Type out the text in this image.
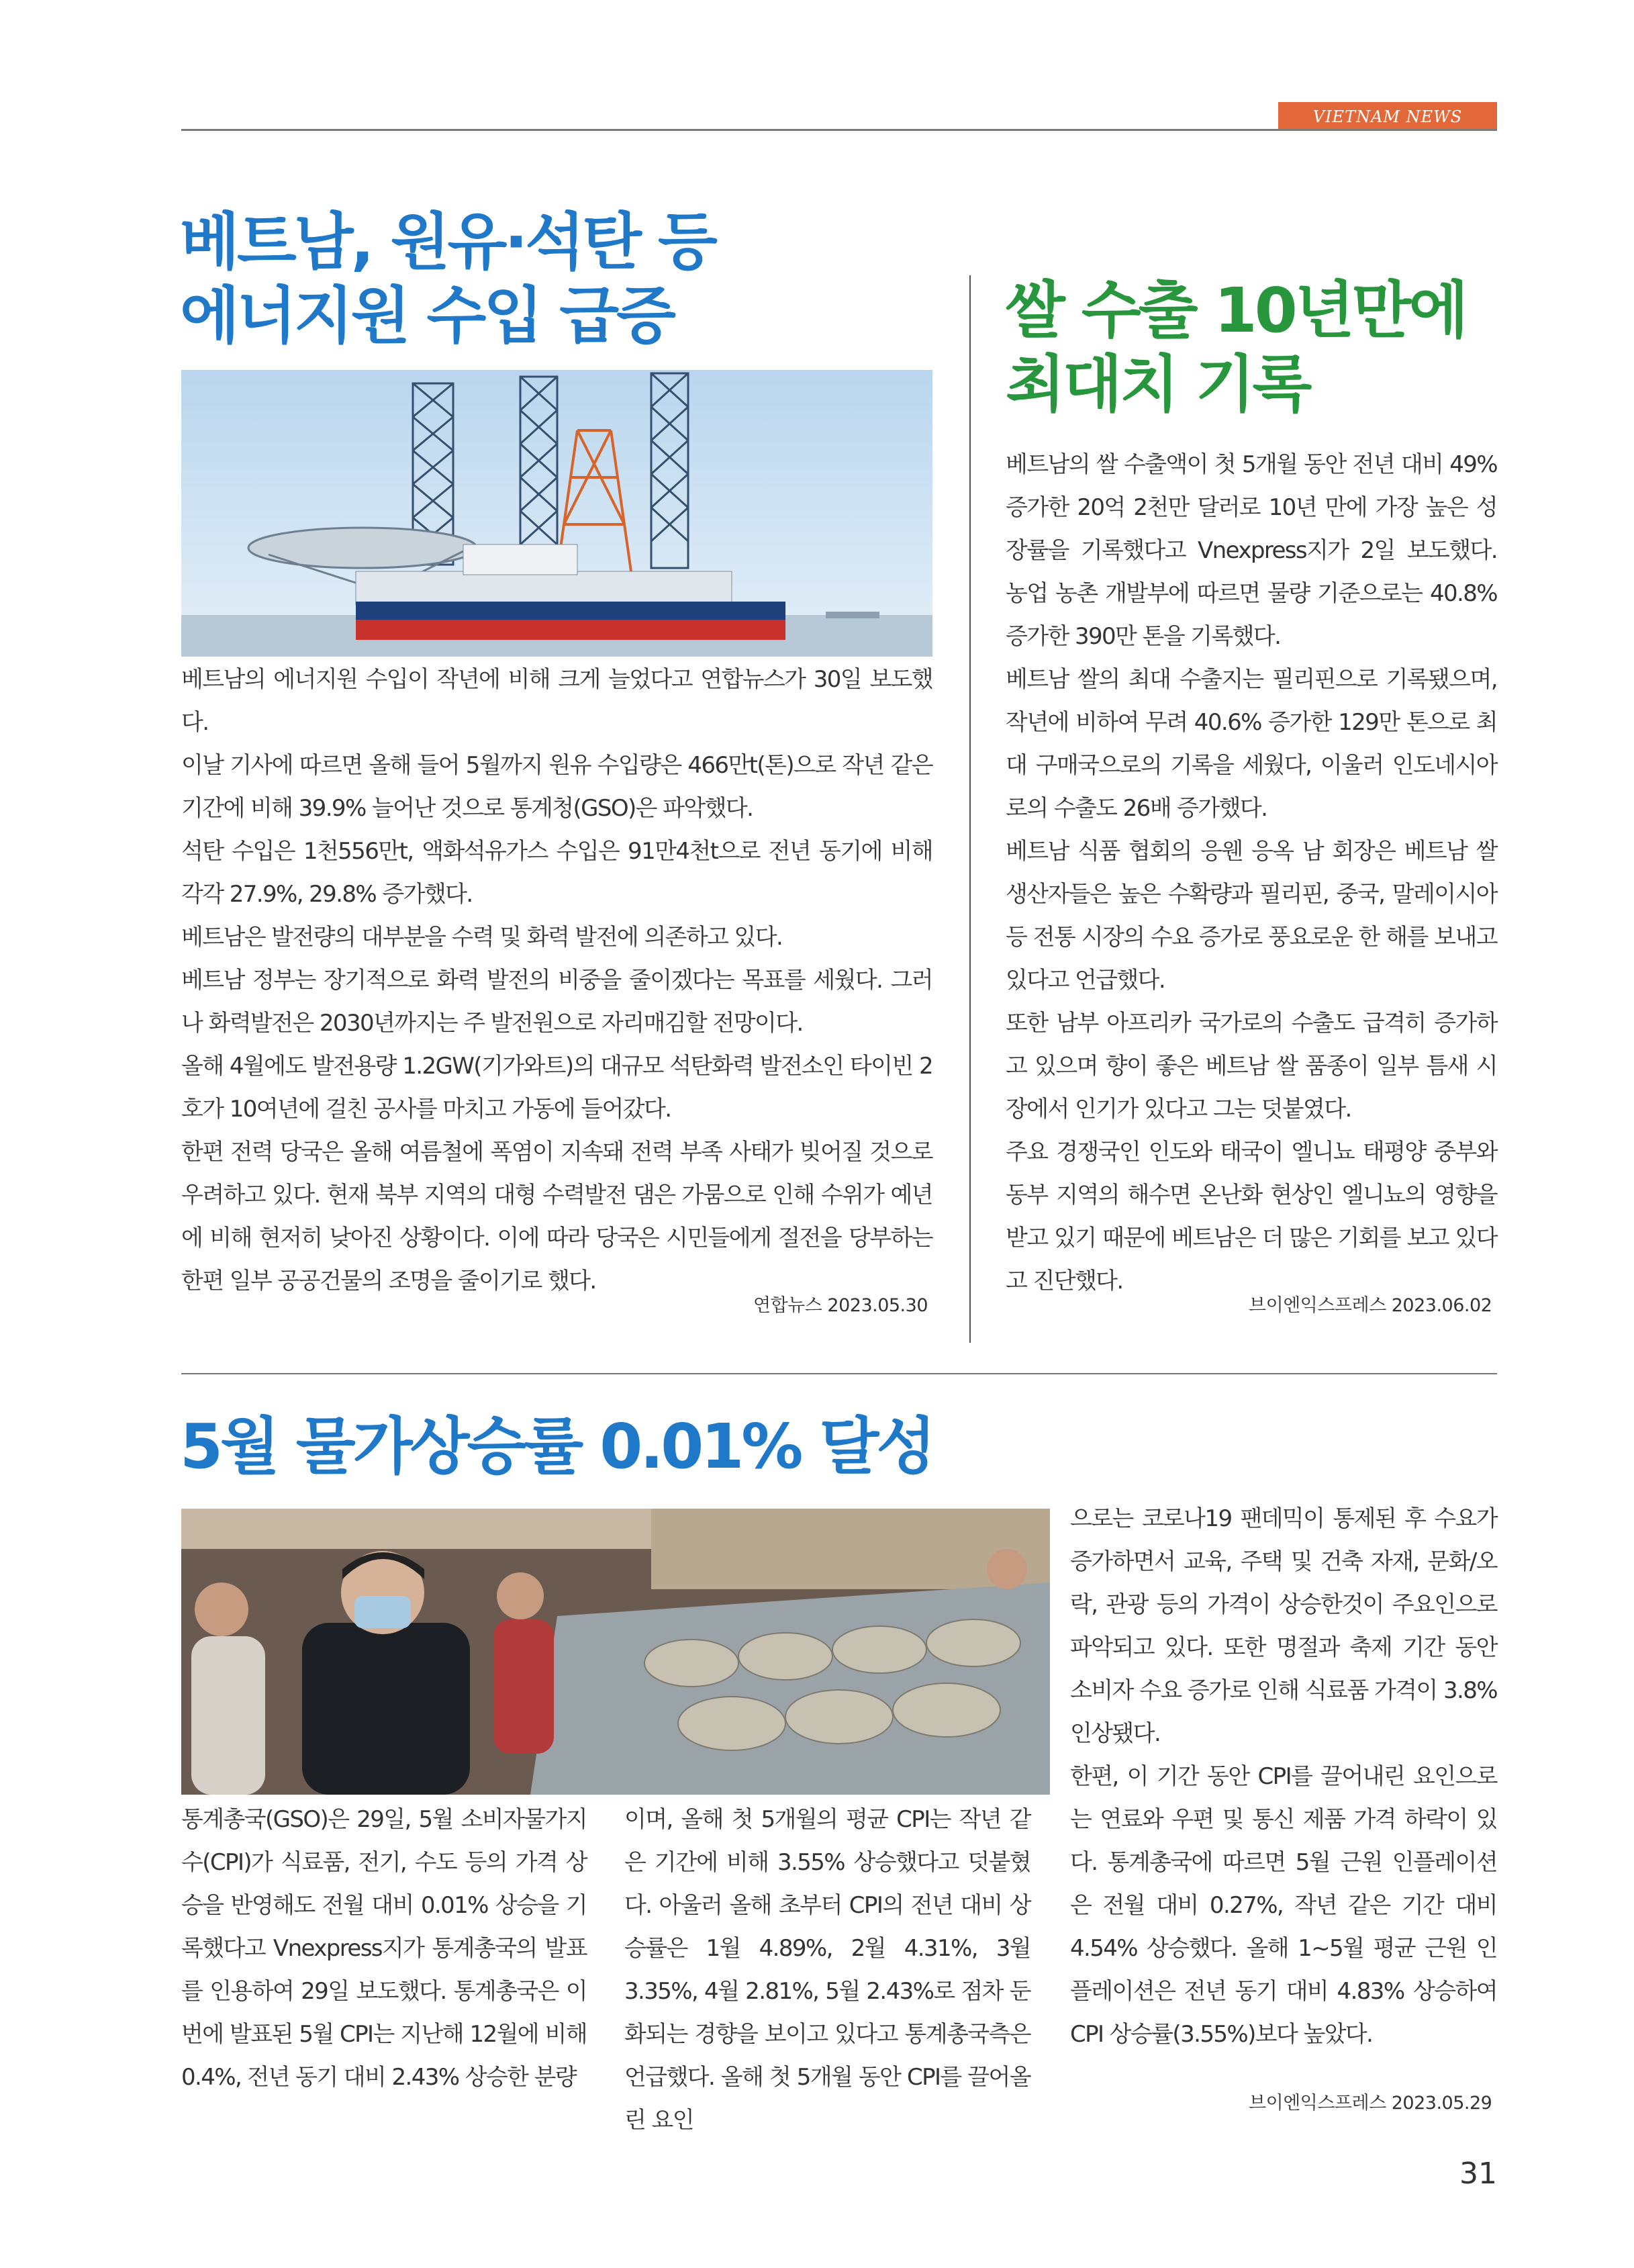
VIETNAM NEWS
베트남, 원유·석탄 등
에너지원 수입 급증

베트남의 에너지원 수입이 작년에 비해 크게 늘었다고 연합뉴스가 30일 보도했다.

이날 기사에 따르면 올해 들어 5월까지 원유 수입량은 466만t(톤)으로 작년 같은 기간에 비해 39.9% 늘어난 것으로 통계청(GSO)은 파악했다.

석탄 수입은 1천556만t, 액화석유가스 수입은 91만4천t으로 전년 동기에 비해 각각 27.9%, 29.8% 증가했다.

베트남은 발전량의 대부분을 수력 및 화력 발전에 의존하고 있다.

베트남 정부는 장기적으로 화력 발전의 비중을 줄이겠다는 목표를 세웠다. 그러나 화력발전은 2030년까지는 주 발전원으로 자리매김할 전망이다.

올해 4월에도 발전용량 1.2GW(기가와트)의 대규모 석탄화력 발전소인 타이빈 2호가 10여년에 걸친 공사를 마치고 가동에 들어갔다.

한편 전력 당국은 올해 여름철에 폭염이 지속돼 전력 부족 사태가 빚어질 것으로 우려하고 있다. 현재 북부 지역의 대형 수력발전 댐은 가뭄으로 인해 수위가 예년에 비해 현저히 낮아진 상황이다. 이에 따라 당국은 시민들에게 절전을 당부하는 한편 일부 공공건물의 조명을 줄이기로 했다.

연합뉴스 2023.05.30
쌀 수출 10년만에
최대치 기록

베트남의 쌀 수출액이 첫 5개월 동안 전년 대비 49% 증가한 20억 2천만 달러로 10년 만에 가장 높은 성장률을 기록했다고 Vnexpress지가 2일 보도했다. 농업 농촌 개발부에 따르면 물량 기준으로는 40.8% 증가한 390만 톤을 기록했다.

베트남 쌀의 최대 수출지는 필리핀으로 기록됐으며, 작년에 비하여 무려 40.6% 증가한 129만 톤으로 최대 구매국으로의 기록을 세웠다, 이울러 인도네시아로의 수출도 26배 증가했다.

베트남 식품 협회의 응웬 응옥 남 회장은 베트남 쌀 생산자들은 높은 수확량과 필리핀, 중국, 말레이시아 등 전통 시장의 수요 증가로 풍요로운 한 해를 보내고 있다고 언급했다.

또한 남부 아프리카 국가로의 수출도 급격히 증가하고 있으며 향이 좋은 베트남 쌀 품종이 일부 틈새 시장에서 인기가 있다고 그는 덧붙였다.

주요 경쟁국인 인도와 태국이 엘니뇨 태평양 중부와 동부 지역의 해수면 온난화 현상인 엘니뇨의 영향을 받고 있기 때문에 베트남은 더 많은 기회를 보고 있다고 진단했다.

브이엔익스프레스 2023.06.02
5월 물가상승률 0.01% 달성

통계총국(GSO)은 29일, 5월 소비자물가지수(CPI)가 식료품, 전기, 수도 등의 가격 상승을 반영해도 전월 대비 0.01% 상승을 기록했다고 Vnexpress지가 통계총국의 발표를 인용하여 29일 보도했다. 통계총국은 이번에 발표된 5월 CPI는 지난해 12월에 비해 0.4%, 전년 동기 대비 2.43% 상승한 분량

이며, 올해 첫 5개월의 평균 CPI는 작년 같은 기간에 비해 3.55% 상승했다고 덧붙혔다. 아울러 올해 초부터 CPI의 전년 대비 상승률은 1월 4.89%, 2월 4.31%, 3월 3.35%, 4월 2.81%, 5월 2.43%로 점차 둔화되는 경향을 보이고 있다고 통계총국측은 언급했다. 올해 첫 5개월 동안 CPI를 끌어올린 요인

으로는 코로나19 팬데믹이 통제된 후 수요가 증가하면서 교육, 주택 및 건축 자재, 문화/오락, 관광 등의 가격이 상승한것이 주요인으로 파악되고 있다. 또한 명절과 축제 기간 동안 소비자 수요 증가로 인해 식료품 가격이 3.8% 인상됐다.

한편, 이 기간 동안 CPI를 끌어내린 요인으로는 연료와 우편 및 통신 제품 가격 하락이 있다. 통계총국에 따르면 5월 근원 인플레이션은 전월 대비 0.27%, 작년 같은 기간 대비 4.54% 상승했다. 올해 1~5월 평균 근원 인플레이션은 전년 동기 대비 4.83% 상승하여 CPI 상승률(3.55%)보다 높았다.

브이엔익스프레스 2023.05.29
31
